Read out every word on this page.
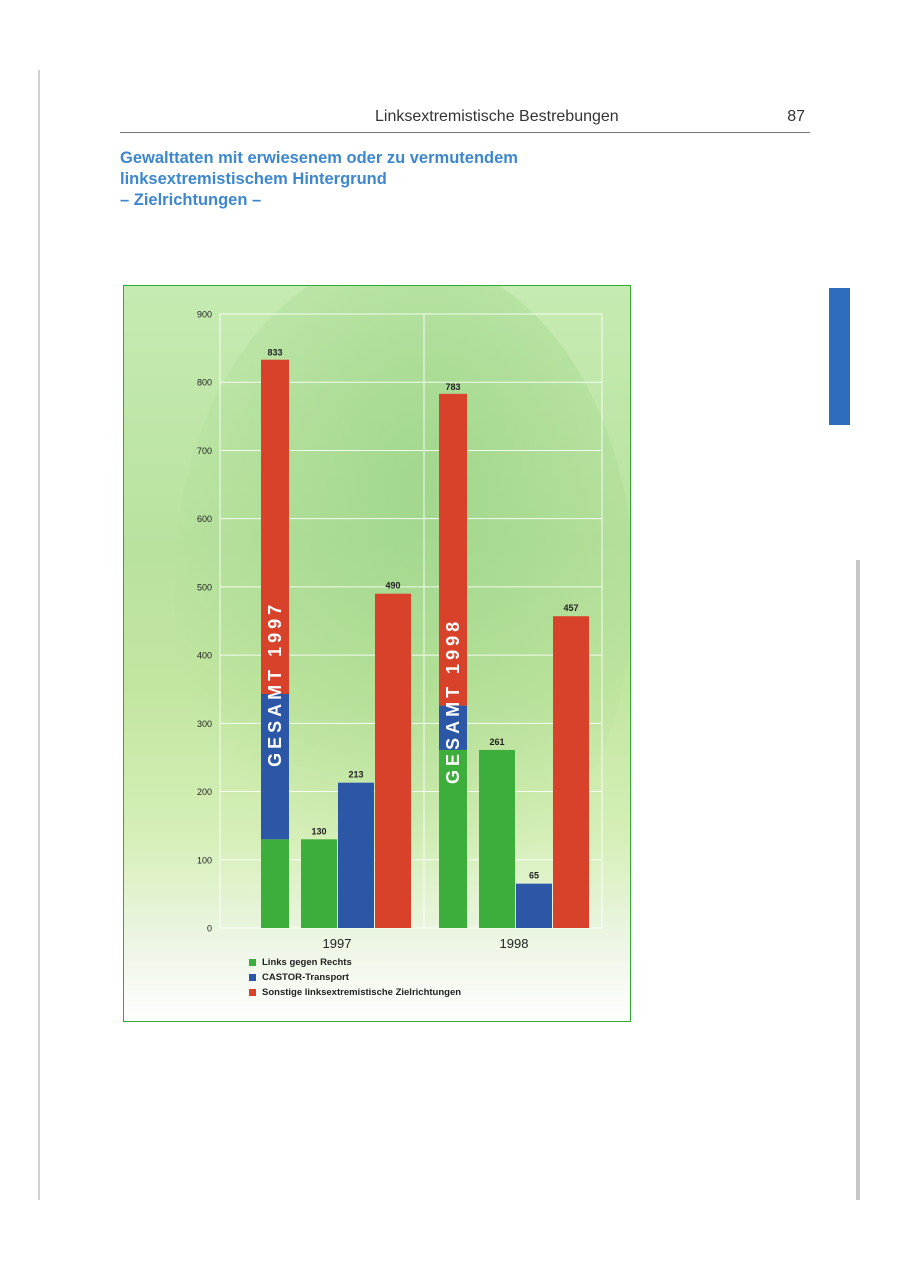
Linksextremistische Bestrebungen	87
Gewalttaten mit erwiesenem oder zu vermutendem
linksextremistischem Hintergrund
– Zielrichtungen –
0
100
200
300
400
500
600
700
800
900
833
GESAMT 1997
130
213
490
1997
783
GESAMT 1998	261
65
457
1998
Links gegen Rechts
CASTOR-Transport
Sonstige linksextremistische Zielrichtungen
